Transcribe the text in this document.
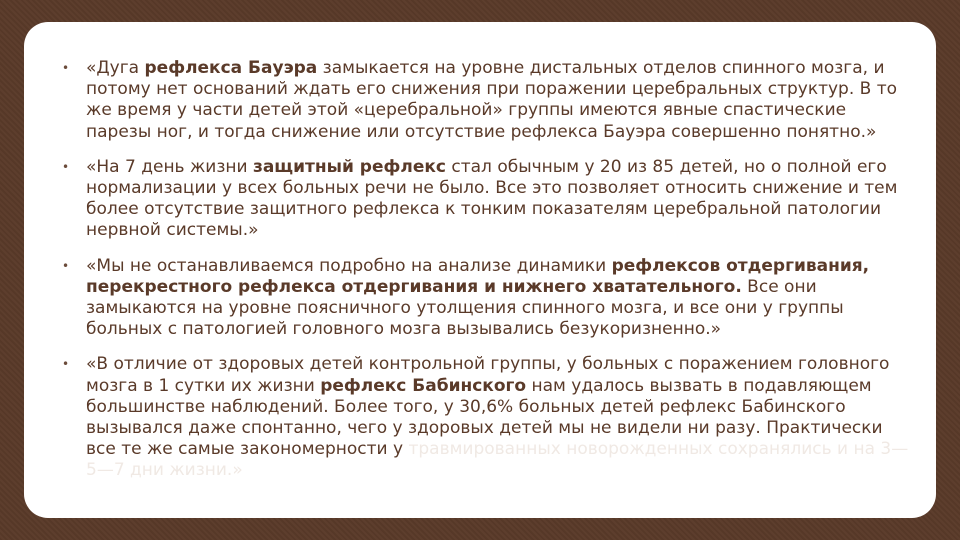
• «Дуга рефлекса Бауэра замыкается на уровне дистальных отделов спинного мозга, и потому нет оснований ждать его снижения при поражении церебральных структур. В то же время у части детей этой «церебральной» группы имеются явные спастические парезы ног, и тогда снижение или отсутствие рефлекса Бауэра совершенно понятно.»
• «На 7 день жизни защитный рефлекс стал обычным у 20 из 85 детей, но о полной его нормализации у всех больных речи не было. Все это позволяет относить снижение и тем более отсутствие защитного рефлекса к тонким показателям церебральной патологии нервной системы.»
• «Мы не останавливаемся подробно на анализе динамики рефлексов отдергивания, перекрестного рефлекса отдергивания и нижнего хватательного. Все они замыкаются на уровне поясничного утолщения спинного мозга, и все они у группы больных с патологией головного мозга вызывались безукоризненно.»
• «В отличие от здоровых детей контрольной группы, у больных с поражением головного мозга в 1 сутки их жизни рефлекс Бабинского нам удалось вызвать в подавляющем большинстве наблюдений. Более того, у 30,6% больных детей рефлекс Бабинского вызывался даже спонтанно, чего у здоровых детей мы не видели ни разу. Практически все те же самые закономерности у травмированных новорожденных сохранялись и на 3—5—7 дни жизни.»
